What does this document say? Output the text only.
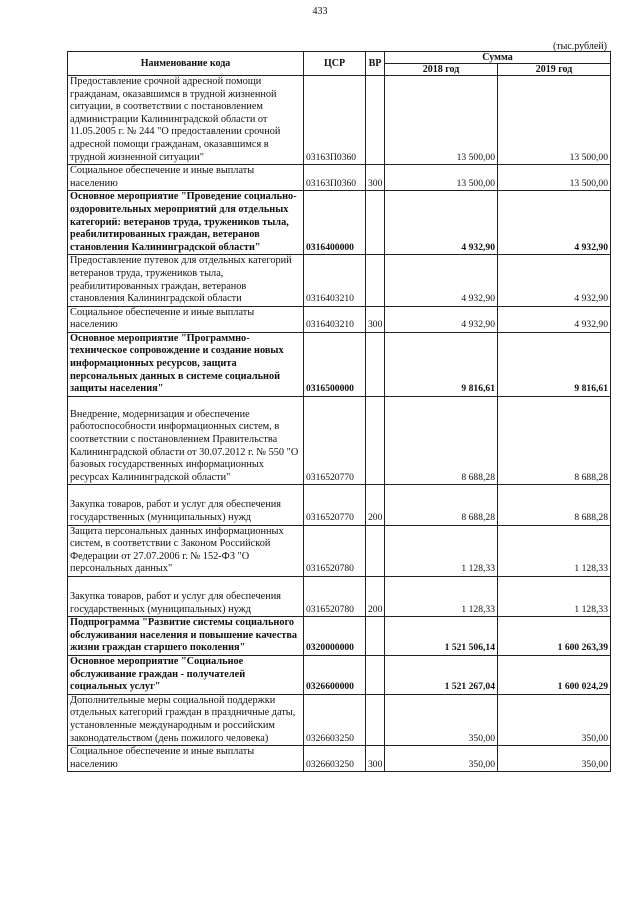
433
(тыс.рублей)
Наименование кода	ЦСР	ВР	Сумма	
			2018 год	2019 год
Предоставление срочной адресной помощи гражданам, оказавшимся в трудной жизненной ситуации, в соответствии с постановлением администрации Калининградской области от 11.05.2005 г. № 244 "О предоставлении срочной адресной помощи гражданам, оказавшимся в трудной жизненной ситуации"	03163П0360		13 500,00	13 500,00
Социальное обеспечение и иные выплаты населению	03163П0360	300	13 500,00	13 500,00
Основное мероприятие "Проведение социально-оздоровительных мероприятий для отдельных категорий: ветеранов труда, тружеников тыла, реабилитированных граждан, ветеранов становления Калининградской области"	0316400000		4 932,90	4 932,90
Предоставление путевок для отдельных категорий ветеранов труда, тружеников тыла, реабилитированных граждан, ветеранов становления Калининградской области	0316403210		4 932,90	4 932,90
Социальное обеспечение и иные выплаты населению	0316403210	300	4 932,90	4 932,90
Основное мероприятие "Программно-техническое сопровождение и создание новых информационных ресурсов, защита персональных данных в системе социальной защиты населения"	0316500000		9 816,61	9 816,61
Внедрение, модернизация и обеспечение работоспособности информационных систем, в соответствии с постановлением Правительства Калининградской области от 30.07.2012 г. № 550 "О базовых государственных информационных ресурсах Калининградской области"	0316520770		8 688,28	8 688,28
Закупка товаров, работ и услуг для обеспечения государственных (муниципальных) нужд	0316520770	200	8 688,28	8 688,28
Защита персональных данных информационных систем, в соответствии с Законом Российской Федерации от 27.07.2006 г. № 152-ФЗ "О персональных данных"	0316520780		1 128,33	1 128,33
Закупка товаров, работ и услуг для обеспечения государственных (муниципальных) нужд	0316520780	200	1 128,33	1 128,33
Подпрограмма "Развитие системы социального обслуживания населения и повышение качества жизни граждан старшего поколения"	0320000000		1 521 506,14	1 600 263,39
Основное мероприятие "Социальное обслуживание граждан - получателей социальных услуг"	0326600000		1 521 267,04	1 600 024,29
Дополнительные меры социальной поддержки отдельных категорий граждан в праздничные даты, установленные международным и российским законодательством (день пожилого человека)	0326603250		350,00	350,00
Социальное обеспечение и иные выплаты населению	0326603250	300	350,00	350,00
